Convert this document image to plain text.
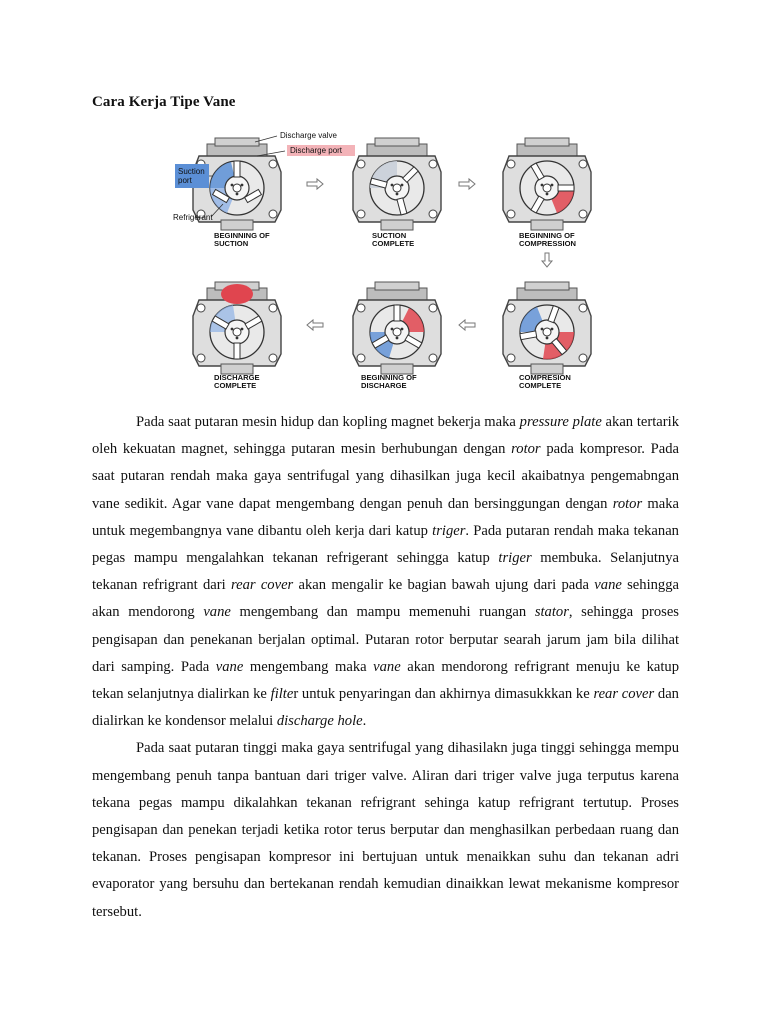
Cara Kerja Tipe Vane
Discharge valve
Discharge port
Suction
port
Refrigerant
BEGINNING OF
SUCTION
SUCTION
COMPLETE
BEGINNING OF
COMPRESSION
COMPRESION
COMPLETE
BEGINNING OF
DISCHARGE
DISCHARGE
COMPLETE

Pada saat putaran mesin hidup dan kopling magnet bekerja maka pressure plate akan tertarik oleh kekuatan magnet, sehingga putaran mesin berhubungan dengan rotor pada kompresor. Pada saat putaran rendah maka gaya sentrifugal yang dihasilkan juga kecil akaibatnya pengemabngan vane sedikit. Agar vane dapat mengembang dengan penuh dan bersinggungan dengan rotor maka untuk megembangnya vane dibantu oleh kerja dari katup triger. Pada putaran rendah maka tekanan pegas mampu mengalahkan tekanan refrigerant sehingga katup triger membuka. Selanjutnya tekanan refrigrant dari rear cover akan mengalir ke bagian bawah ujung dari pada vane sehingga akan mendorong vane mengembang dan mampu memenuhi ruangan stator, sehingga proses pengisapan dan penekanan berjalan optimal. Putaran rotor berputar searah jarum jam bila dilihat dari samping. Pada vane mengembang maka vane akan mendorong refrigrant menuju ke katup tekan selanjutnya dialirkan ke filter untuk penyaringan dan akhirnya dimasukkkan ke rear cover dan dialirkan ke kondensor melalui discharge hole.

Pada saat putaran tinggi maka gaya sentrifugal yang dihasilakn juga tinggi sehingga mempu mengembang penuh tanpa bantuan dari triger valve. Aliran dari triger valve juga terputus karena tekana pegas mampu dikalahkan tekanan refrigrant sehinga katup refrigrant tertutup. Proses pengisapan dan penekan terjadi ketika rotor terus berputar dan menghasilkan perbedaan ruang dan tekanan. Proses pengisapan kompresor ini bertujuan untuk menaikkan suhu dan tekanan adri evaporator yang bersuhu dan bertekanan rendah kemudian dinaikkan lewat mekanisme kompresor tersebut.
